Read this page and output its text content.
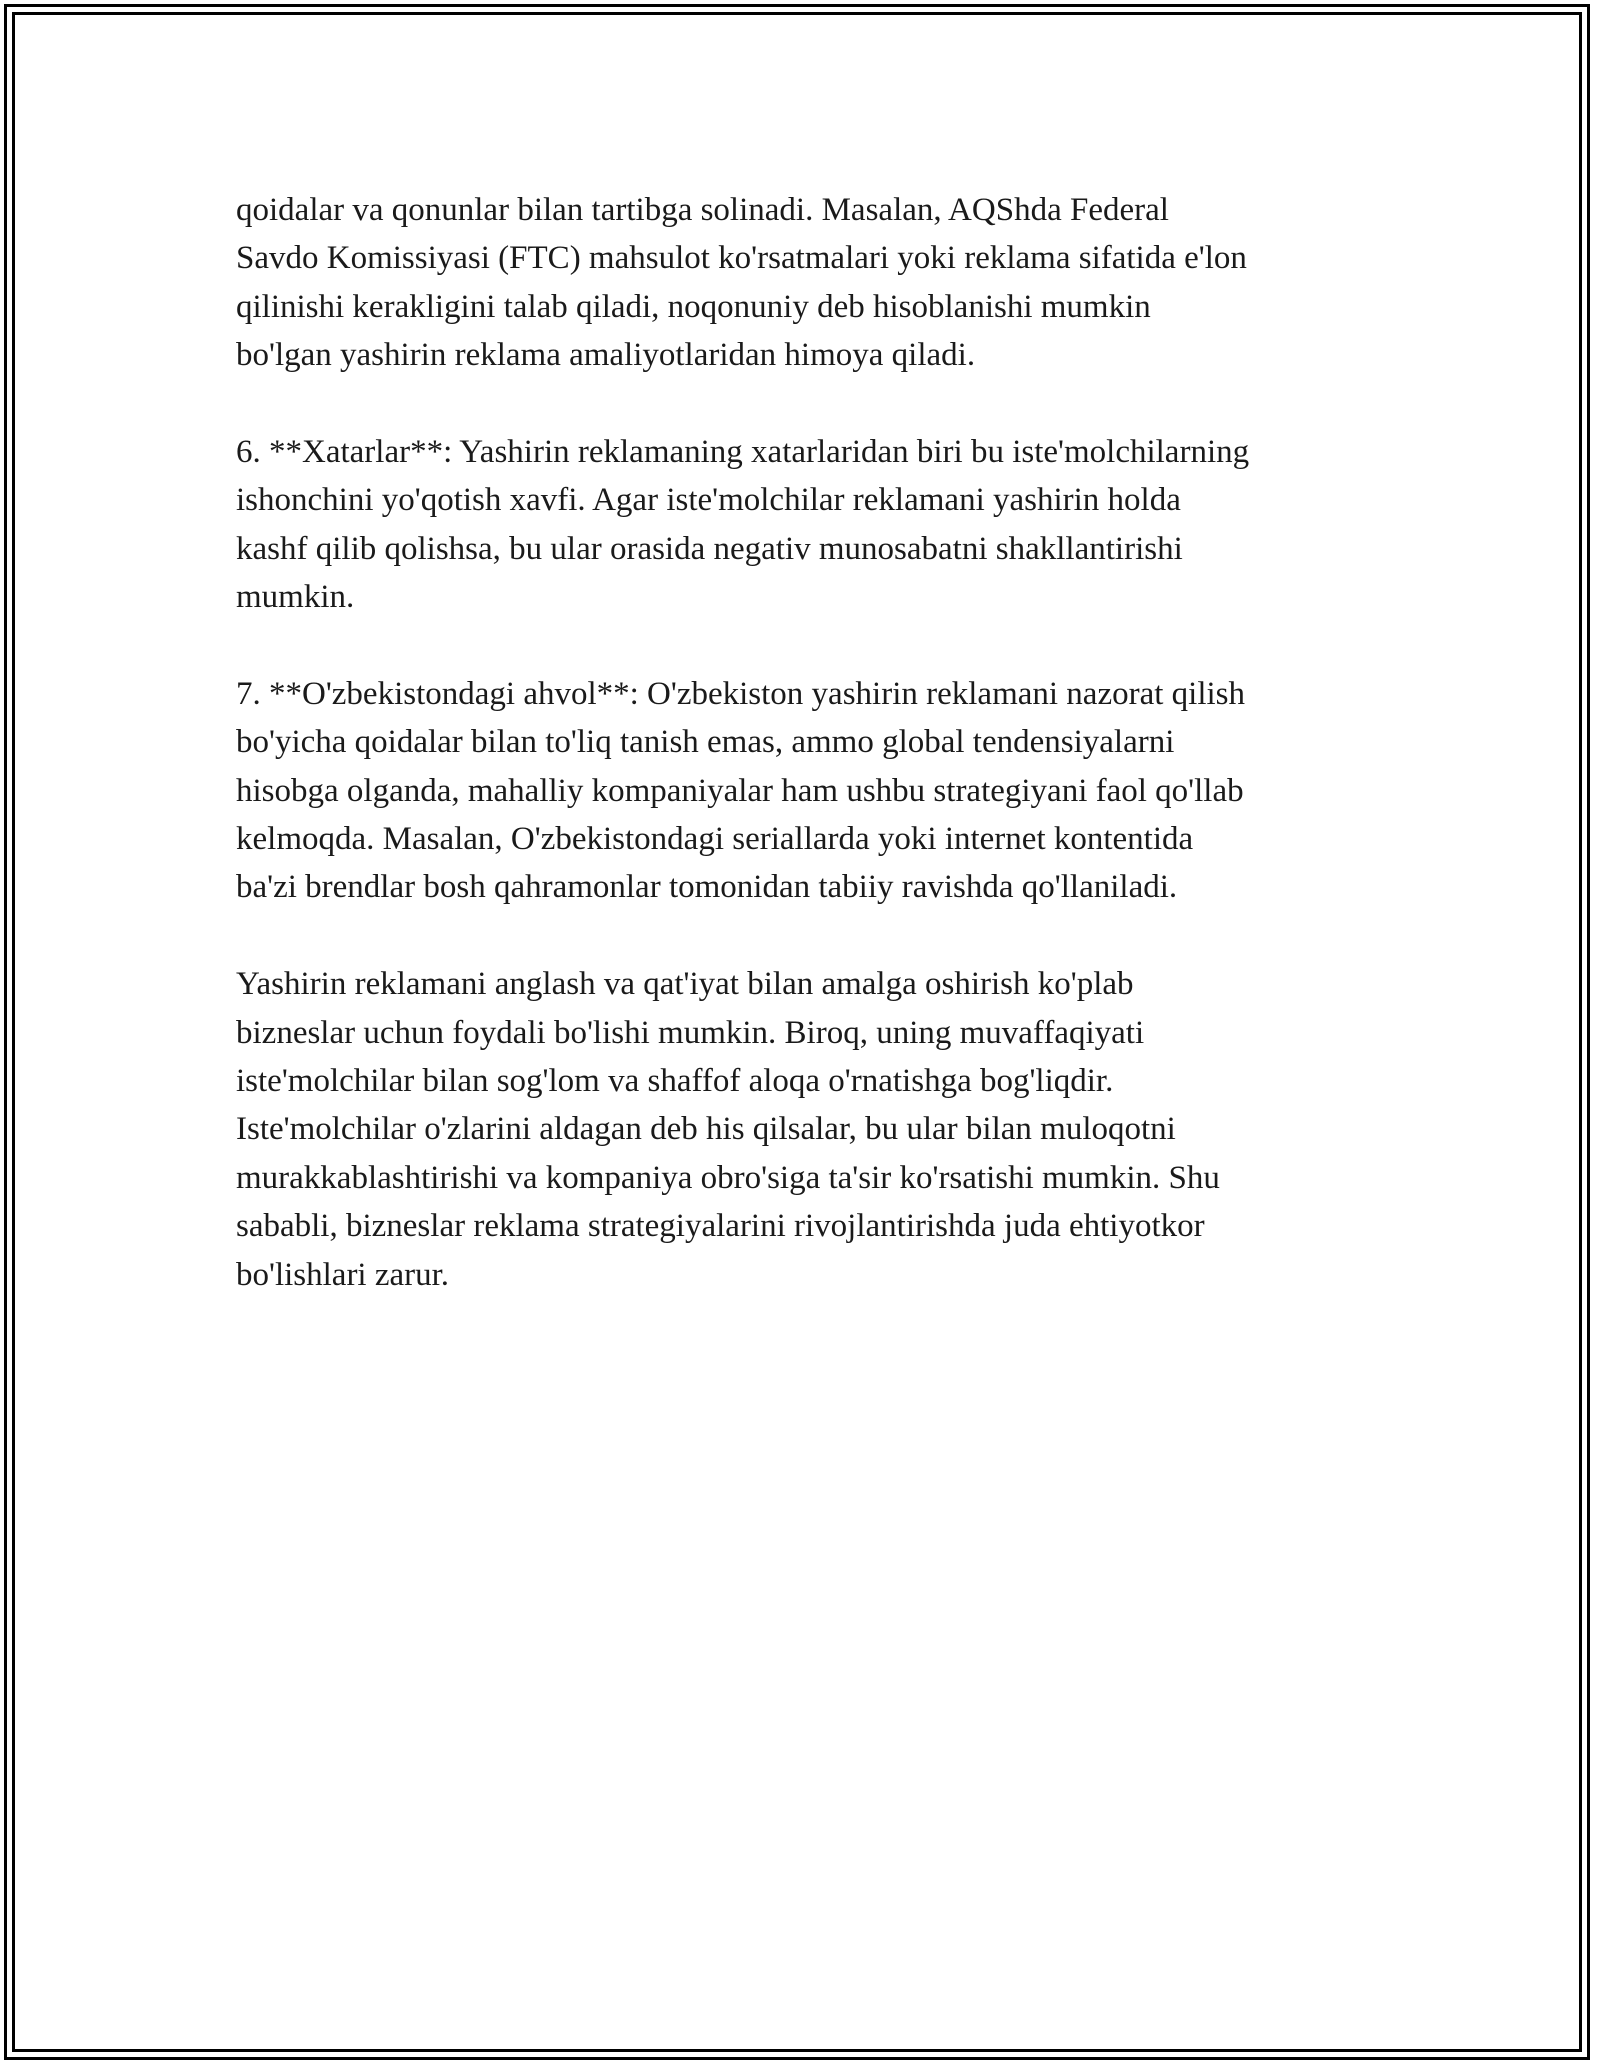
qoidalar va qonunlar bilan tartibga solinadi. Masalan, AQShda Federal
Savdo Komissiyasi (FTC) mahsulot ko'rsatmalari yoki reklama sifatida e'lon
qilinishi kerakligini talab qiladi, noqonuniy deb hisoblanishi mumkin
bo'lgan yashirin reklama amaliyotlaridan himoya qiladi.
6. **Xatarlar**: Yashirin reklamaning xatarlaridan biri bu iste'molchilarning
ishonchini yo'qotish xavfi. Agar iste'molchilar reklamani yashirin holda
kashf qilib qolishsa, bu ular orasida negativ munosabatni shakllantirishi
mumkin.
7. **O'zbekistondagi ahvol**: O'zbekiston yashirin reklamani nazorat qilish
bo'yicha qoidalar bilan to'liq tanish emas, ammo global tendensiyalarni
hisobga olganda, mahalliy kompaniyalar ham ushbu strategiyani faol qo'llab
kelmoqda. Masalan, O'zbekistondagi seriallarda yoki internet kontentida
ba'zi brendlar bosh qahramonlar tomonidan tabiiy ravishda qo'llaniladi.
Yashirin reklamani anglash va qat'iyat bilan amalga oshirish ko'plab
bizneslar uchun foydali bo'lishi mumkin. Biroq, uning muvaffaqiyati
iste'molchilar bilan sog'lom va shaffof aloqa o'rnatishga bog'liqdir.
Iste'molchilar o'zlarini aldagan deb his qilsalar, bu ular bilan muloqotni
murakkablashtirishi va kompaniya obro'siga ta'sir ko'rsatishi mumkin. Shu
sababli, bizneslar reklama strategiyalarini rivojlantirishda juda ehtiyotkor
bo'lishlari zarur.
